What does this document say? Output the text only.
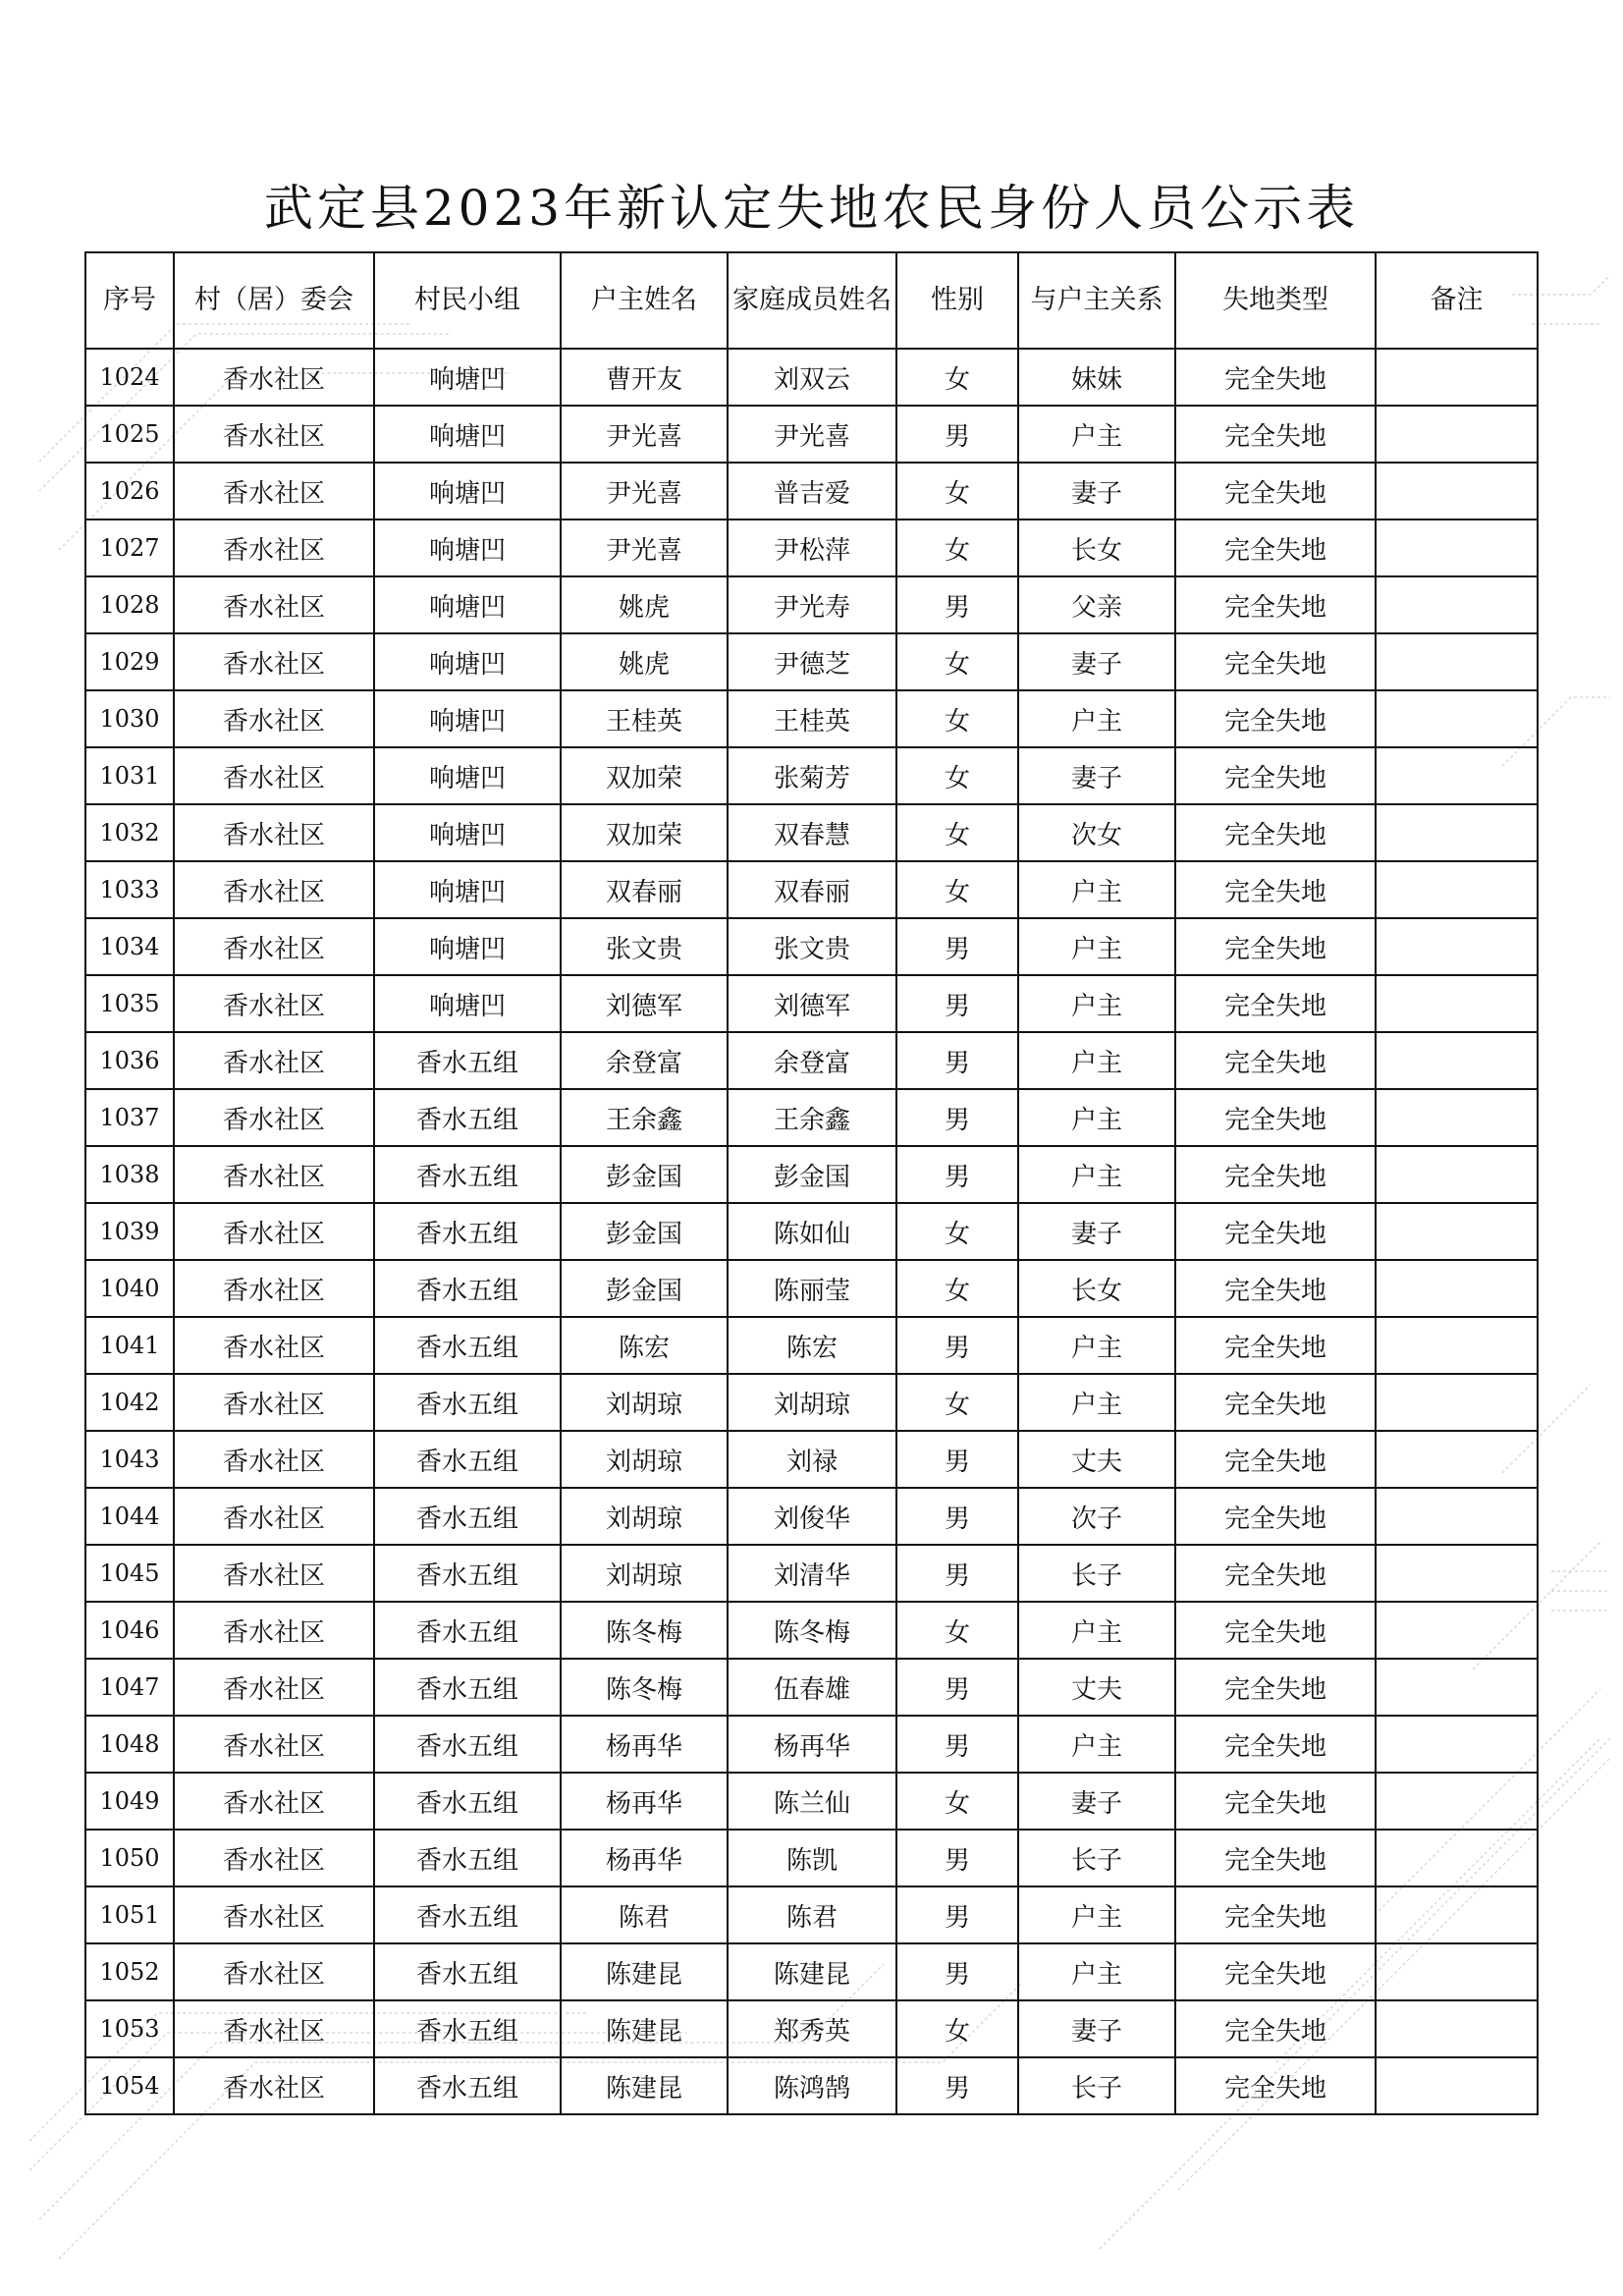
武定县2023年新认定失地农民身份人员公示表
序号	村（居）委会	村民小组	户主姓名	家庭成员姓名	性别	与户主关系	失地类型	备注
1024	香水社区	响塘凹	曹开友	刘双云	女	妹妹	完全失地	
1025	香水社区	响塘凹	尹光喜	尹光喜	男	户主	完全失地	
1026	香水社区	响塘凹	尹光喜	普吉爱	女	妻子	完全失地	
1027	香水社区	响塘凹	尹光喜	尹松萍	女	长女	完全失地	
1028	香水社区	响塘凹	姚虎	尹光寿	男	父亲	完全失地	
1029	香水社区	响塘凹	姚虎	尹德芝	女	妻子	完全失地	
1030	香水社区	响塘凹	王桂英	王桂英	女	户主	完全失地	
1031	香水社区	响塘凹	双加荣	张菊芳	女	妻子	完全失地	
1032	香水社区	响塘凹	双加荣	双春慧	女	次女	完全失地	
1033	香水社区	响塘凹	双春丽	双春丽	女	户主	完全失地	
1034	香水社区	响塘凹	张文贵	张文贵	男	户主	完全失地	
1035	香水社区	响塘凹	刘德军	刘德军	男	户主	完全失地	
1036	香水社区	香水五组	余登富	余登富	男	户主	完全失地	
1037	香水社区	香水五组	王余鑫	王余鑫	男	户主	完全失地	
1038	香水社区	香水五组	彭金国	彭金国	男	户主	完全失地	
1039	香水社区	香水五组	彭金国	陈如仙	女	妻子	完全失地	
1040	香水社区	香水五组	彭金国	陈丽莹	女	长女	完全失地	
1041	香水社区	香水五组	陈宏	陈宏	男	户主	完全失地	
1042	香水社区	香水五组	刘胡琼	刘胡琼	女	户主	完全失地	
1043	香水社区	香水五组	刘胡琼	刘禄	男	丈夫	完全失地	
1044	香水社区	香水五组	刘胡琼	刘俊华	男	次子	完全失地	
1045	香水社区	香水五组	刘胡琼	刘清华	男	长子	完全失地	
1046	香水社区	香水五组	陈冬梅	陈冬梅	女	户主	完全失地	
1047	香水社区	香水五组	陈冬梅	伍春雄	男	丈夫	完全失地	
1048	香水社区	香水五组	杨再华	杨再华	男	户主	完全失地	
1049	香水社区	香水五组	杨再华	陈兰仙	女	妻子	完全失地	
1050	香水社区	香水五组	杨再华	陈凯	男	长子	完全失地	
1051	香水社区	香水五组	陈君	陈君	男	户主	完全失地	
1052	香水社区	香水五组	陈建昆	陈建昆	男	户主	完全失地	
1053	香水社区	香水五组	陈建昆	郑秀英	女	妻子	完全失地	
1054	香水社区	香水五组	陈建昆	陈鸿鹄	男	长子	完全失地	
